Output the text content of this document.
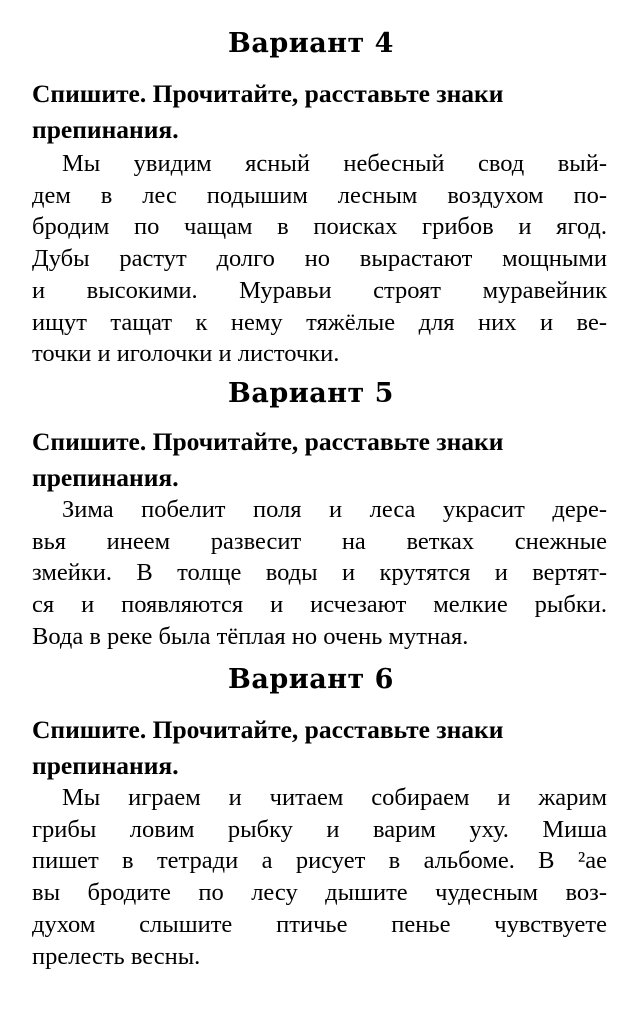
Вариант 4
Спишите. Прочитайте, расставьте знаки
препинания.
Мы увидим ясный небесный свод вый-
дем в лес подышим лесным воздухом по-
бродим по чащам в поисках грибов и ягод.
Дубы растут долго но вырастают мощными
и высокими. Муравьи строят муравейник
ищут тащат к нему тяжёлые для них и ве-
точки и иголочки и листочки.
Вариант 5
Спишите. Прочитайте, расставьте знаки
препинания.
Зима побелит поля и леса украсит дере-
вья инеем развесит на ветках снежные
змейки. В толще воды и крутятся и вертят-
ся и появляются и исчезают мелкие рыбки.
Вода в реке была тёплая но очень мутная.
Вариант 6
Спишите. Прочитайте, расставьте знаки
препинания.
Мы играем и читаем собираем и жарим
грибы ловим рыбку и варим уху. Миша
пишет в тетради а рисует в альбоме. В ²ае
вы бродите по лесу дышите чудесным воз-
духом слышите птичье пенье чувствуете
прелесть весны.
